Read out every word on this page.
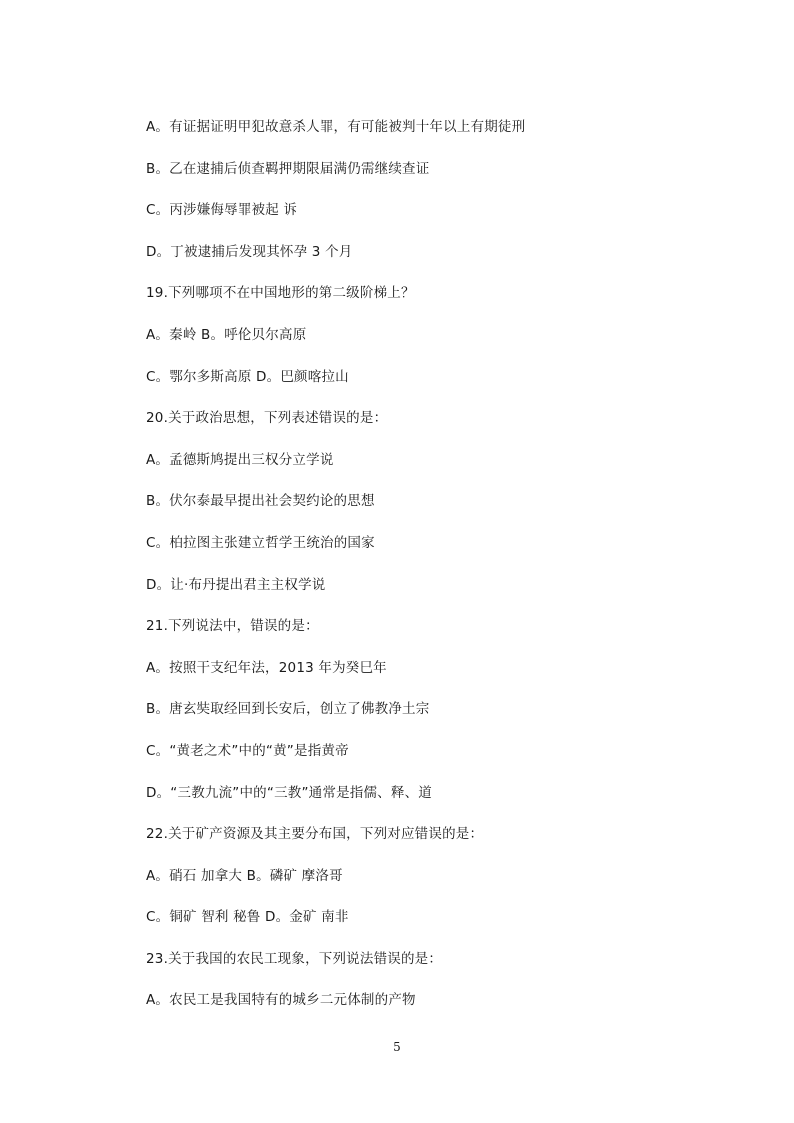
A。有证据证明甲犯故意杀人罪，有可能被判十年以上有期徒刑
B。乙在逮捕后侦查羁押期限届满仍需继续查证
C。丙涉嫌侮辱罪被起 诉
D。丁被逮捕后发现其怀孕 3 个月
19.下列哪项不在中国地形的第二级阶梯上？
A。秦岭 B。呼伦贝尔高原
C。鄂尔多斯高原 D。巴颜喀拉山
20.关于政治思想，下列表述错误的是：
A。孟德斯鸠提出三权分立学说
B。伏尔泰最早提出社会契约论的思想
C。柏拉图主张建立哲学王统治的国家
D。让·布丹提出君主主权学说
21.下列说法中，错误的是：
A。按照干支纪年法，2013 年为癸巳年
B。唐玄奘取经回到长安后，创立了佛教净土宗
C。“黄老之术”中的“黄”是指黄帝
D。“三教九流”中的“三教”通常是指儒、释、道
22.关于矿产资源及其主要分布国，下列对应错误的是：
A。硝石 加拿大 B。磷矿 摩洛哥
C。铜矿 智利 秘鲁 D。金矿 南非
23.关于我国的农民工现象，下列说法错误的是：
A。农民工是我国特有的城乡二元体制的产物
5
